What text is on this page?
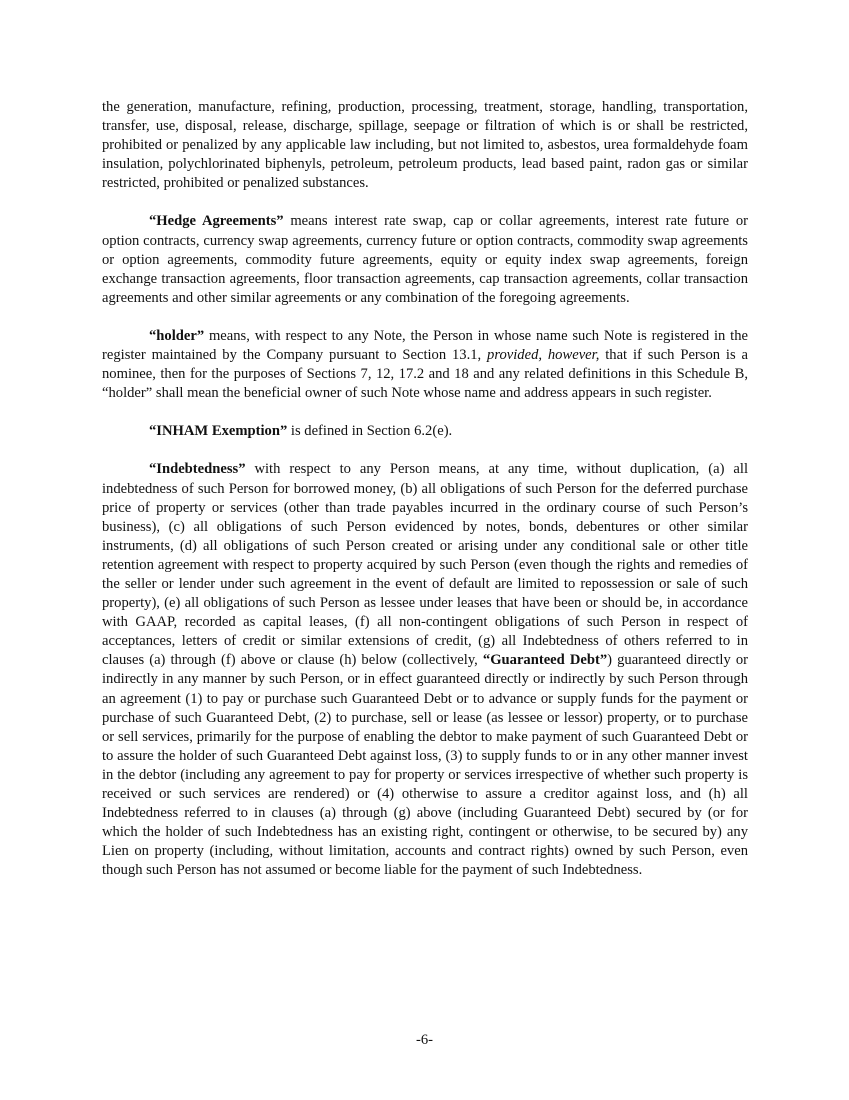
the generation, manufacture, refining, production, processing, treatment, storage, handling, transportation, transfer, use, disposal, release, discharge, spillage, seepage or filtration of which is or shall be restricted, prohibited or penalized by any applicable law including, but not limited to, asbestos, urea formaldehyde foam insulation, polychlorinated biphenyls, petroleum, petroleum products, lead based paint, radon gas or similar restricted, prohibited or penalized substances.

“Hedge Agreements” means interest rate swap, cap or collar agreements, interest rate future or option contracts, currency swap agreements, currency future or option contracts, commodity swap agreements or option agreements, commodity future agreements, equity or equity index swap agreements, foreign exchange transaction agreements, floor transaction agreements, cap transaction agreements, collar transaction agreements and other similar agreements or any combination of the foregoing agreements.

“holder” means, with respect to any Note, the Person in whose name such Note is registered in the register maintained by the Company pursuant to Section 13.1, provided, however, that if such Person is a nominee, then for the purposes of Sections 7, 12, 17.2 and 18 and any related definitions in this Schedule B, “holder” shall mean the beneficial owner of such Note whose name and address appears in such register.

“INHAM Exemption” is defined in Section 6.2(e).

“Indebtedness” with respect to any Person means, at any time, without duplication, (a) all indebtedness of such Person for borrowed money, (b) all obligations of such Person for the deferred purchase price of property or services (other than trade payables incurred in the ordinary course of such Person’s business), (c) all obligations of such Person evidenced by notes, bonds, debentures or other similar instruments, (d) all obligations of such Person created or arising under any conditional sale or other title retention agreement with respect to property acquired by such Person (even though the rights and remedies of the seller or lender under such agreement in the event of default are limited to repossession or sale of such property), (e) all obligations of such Person as lessee under leases that have been or should be, in accordance with GAAP, recorded as capital leases, (f) all non-contingent obligations of such Person in respect of acceptances, letters of credit or similar extensions of credit, (g) all Indebtedness of others referred to in clauses (a) through (f) above or clause (h) below (collectively, “Guaranteed Debt”) guaranteed directly or indirectly in any manner by such Person, or in effect guaranteed directly or indirectly by such Person through an agreement (1) to pay or purchase such Guaranteed Debt or to advance or supply funds for the payment or purchase of such Guaranteed Debt, (2) to purchase, sell or lease (as lessee or lessor) property, or to purchase or sell services, primarily for the purpose of enabling the debtor to make payment of such Guaranteed Debt or to assure the holder of such Guaranteed Debt against loss, (3) to supply funds to or in any other manner invest in the debtor (including any agreement to pay for property or services irrespective of whether such property is received or such services are rendered) or (4) otherwise to assure a creditor against loss, and (h) all Indebtedness referred to in clauses (a) through (g) above (including Guaranteed Debt) secured by (or for which the holder of such Indebtedness has an existing right, contingent or otherwise, to be secured by) any Lien on property (including, without limitation, accounts and contract rights) owned by such Person, even though such Person has not assumed or become liable for the payment of such Indebtedness.

-6-
